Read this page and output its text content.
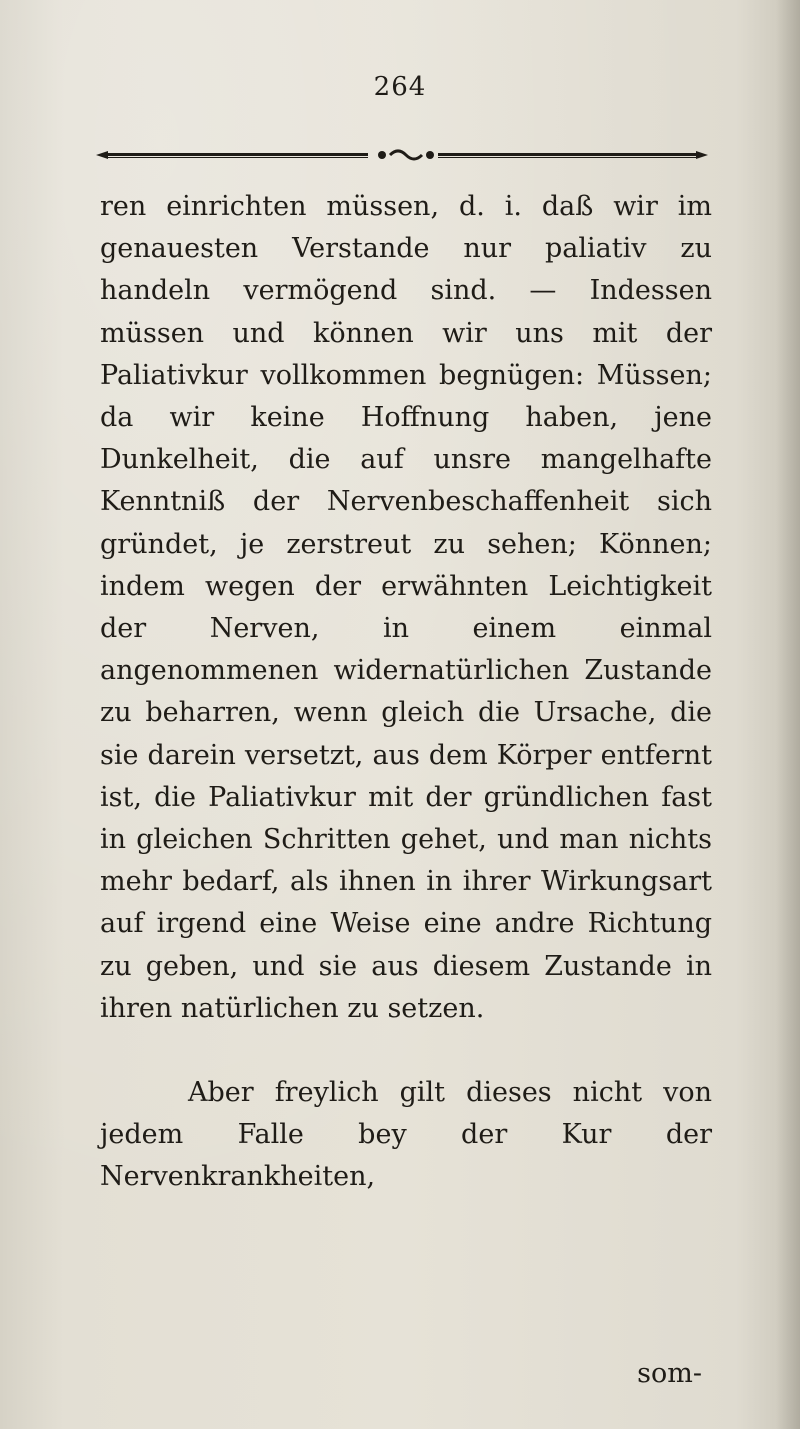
264

ren einrichten müssen, d. i. daß wir im genauesten Verstande nur paliativ zu handeln vermögend sind. — Indessen müssen und können wir uns mit der Paliativkur vollkommen begnügen: Müssen; da wir keine Hoffnung haben, jene Dunkelheit, die auf unsre mangelhafte Kenntniß der Nervenbeschaffenheit sich gründet, je zerstreut zu sehen; Können; indem wegen der erwähnten Leichtigkeit der Nerven, in einem einmal angenommenen widernatürlichen Zustande zu beharren, wenn gleich die Ursache, die sie darein versetzt, aus dem Körper entfernt ist, die Paliativkur mit der gründlichen fast in gleichen Schritten gehet, und man nichts mehr bedarf, als ihnen in ihrer Wirkungsart auf irgend eine Weise eine andre Richtung zu geben, und sie aus diesem Zustande in ihren natürlichen zu setzen.

Aber freylich gilt dieses nicht von jedem Falle bey der Kur der Nervenkrankheiten,

som-
